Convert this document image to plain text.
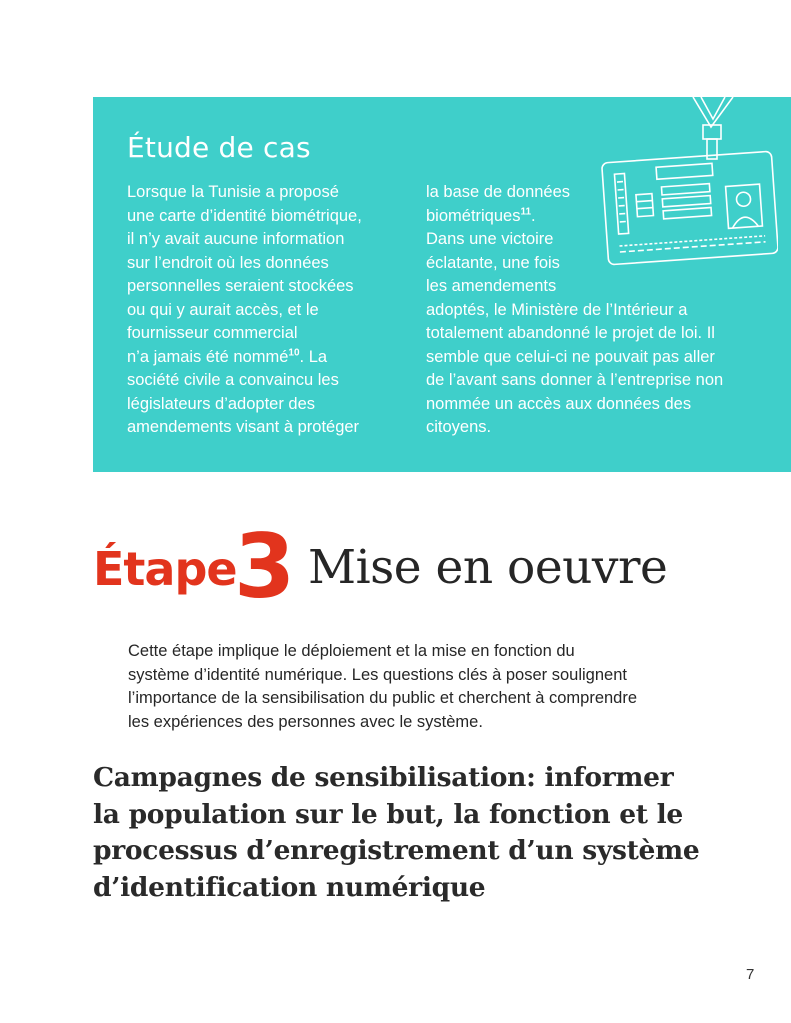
Étude de cas
Lorsque la Tunisie a proposé
une carte d’identité biométrique,
il n’y avait aucune information
sur l’endroit où les données
personnelles seraient stockées
ou qui y aurait accès, et le
fournisseur commercial
n’a jamais été nommé$^{10}$. La
société civile a convaincu les
législateurs d’adopter des
amendements visant à protéger
la base de données
biométriques$^{11}$.
Dans une victoire
éclatante, une fois
les amendements
adoptés, le Ministère de l’Intérieur a
totalement abandonné le projet de loi. Il
semble que celui-ci ne pouvait pas aller
de l’avant sans donner à l’entreprise non
nommée un accès aux données des
citoyens.
Étape
3 Mise en oeuvre
Cette étape implique le déploiement et la mise en fonction du
système d’identité numérique. Les questions clés à poser soulignent
l’importance de la sensibilisation du public et cherchent à comprendre
les expériences des personnes avec le système.
Campagnes de sensibilisation: informer
la population sur le but, la fonction et le
processus d’enregistrement d’un système
d’identification numérique
7
